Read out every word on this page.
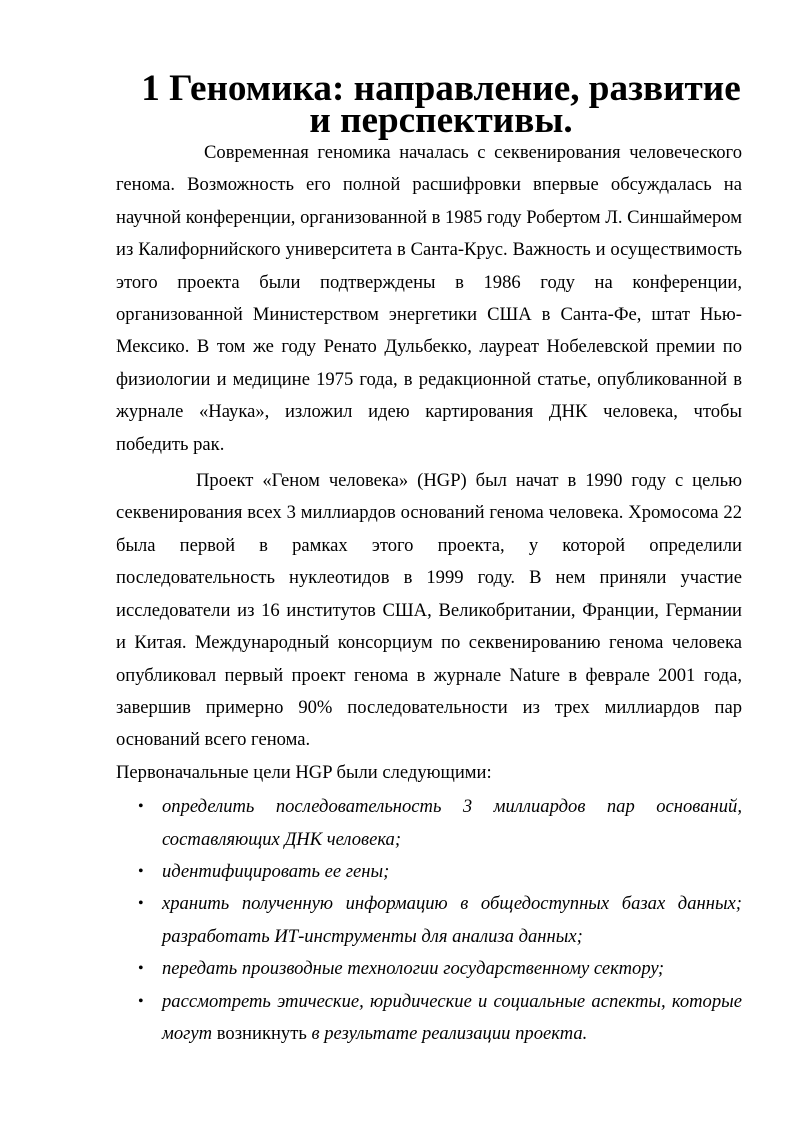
1 Геномика: направление, развитие и перспективы.

Современная геномика началась с секвенирования человеческого генома. Возможность его полной расшифровки впервые обсуждалась на научной конференции, организованной в 1985 году Робертом Л. Синшаймером из Калифорнийского университета в Санта-Крус. Важность и осуществимость этого проекта были подтверждены в 1986 году на конференции, организованной Министерством энергетики США в Санта-Фе, штат Нью-Мексико. В том же году Ренато Дульбекко, лауреат Нобелевской премии по физиологии и медицине 1975 года, в редакционной статье, опубликованной в журнале «Наука», изложил идею картирования ДНК человека, чтобы победить рак.

Проект «Геном человека» (HGP) был начат в 1990 году с целью секвенирования всех 3 миллиардов оснований генома человека. Хромосома 22 была первой в рамках этого проекта, у которой определили последовательность нуклеотидов в 1999 году. В нем приняли участие исследователи из 16 институтов США, Великобритании, Франции, Германии и Китая. Международный консорциум по секвенированию генома человека опубликовал первый проект генома в журнале Nature в феврале 2001 года, завершив примерно 90% последовательности из трех миллиардов пар оснований всего генома.

Первоначальные цели HGP были следующими:

• определить последовательность 3 миллиардов пар оснований, составляющих ДНК человека;
• идентифицировать ее гены;
• хранить полученную информацию в общедоступных базах данных; разработать ИТ-инструменты для анализа данных;
• передать производные технологии государственному сектору;
• рассмотреть этические, юридические и социальные аспекты, которые могут возникнуть в результате реализации проекта.
